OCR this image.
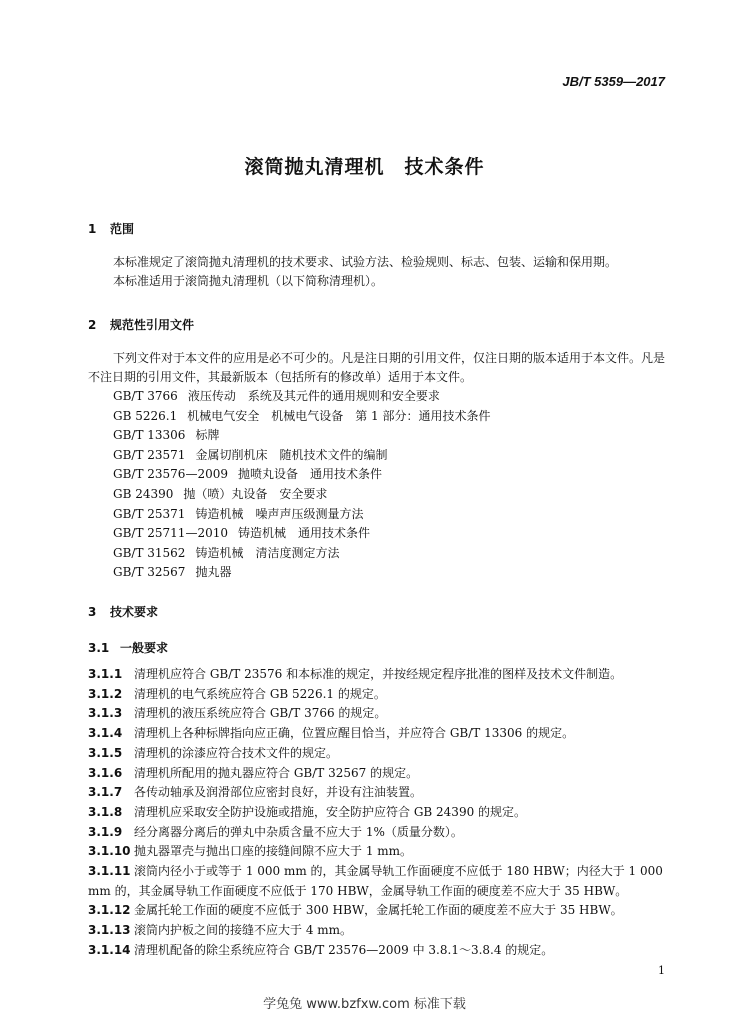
JB/T 5359—2017
滚筒抛丸清理机　技术条件
1 范围
本标准规定了滚筒抛丸清理机的技术要求、试验方法、检验规则、标志、包装、运输和保用期。
本标准适用于滚筒抛丸清理机（以下简称清理机）。
2 规范性引用文件
下列文件对于本文件的应用是必不可少的。凡是注日期的引用文件，仅注日期的版本适用于本文件。凡是不注日期的引用文件，其最新版本（包括所有的修改单）适用于本文件。
GB/T 3766 液压传动　系统及其元件的通用规则和安全要求
GB 5226.1 机械电气安全　机械电气设备　第 1 部分：通用技术条件
GB/T 13306 标牌
GB/T 23571 金属切削机床　随机技术文件的编制
GB/T 23576—2009 抛喷丸设备　通用技术条件
GB 24390 抛（喷）丸设备　安全要求
GB/T 25371 铸造机械　噪声声压级测量方法
GB/T 25711—2010 铸造机械　通用技术条件
GB/T 31562 铸造机械　清洁度测定方法
GB/T 32567 抛丸器
3 技术要求
3.1 一般要求
3.1.1 清理机应符合 GB/T 23576 和本标准的规定，并按经规定程序批准的图样及技术文件制造。
3.1.2 清理机的电气系统应符合 GB 5226.1 的规定。
3.1.3 清理机的液压系统应符合 GB/T 3766 的规定。
3.1.4 清理机上各种标牌指向应正确，位置应醒目恰当，并应符合 GB/T 13306 的规定。
3.1.5 清理机的涂漆应符合技术文件的规定。
3.1.6 清理机所配用的抛丸器应符合 GB/T 32567 的规定。
3.1.7 各传动轴承及润滑部位应密封良好，并设有注油装置。
3.1.8 清理机应采取安全防护设施或措施，安全防护应符合 GB 24390 的规定。
3.1.9 经分离器分离后的弹丸中杂质含量不应大于 1%（质量分数）。
3.1.10 抛丸器罩壳与抛出口座的接缝间隙不应大于 1 mm。
3.1.11 滚筒内径小于或等于 1 000 mm 的，其金属导轨工作面硬度不应低于 180 HBW；内径大于 1 000 mm 的，其金属导轨工作面硬度不应低于 170 HBW，金属导轨工作面的硬度差不应大于 35 HBW。
3.1.12 金属托轮工作面的硬度不应低于 300 HBW，金属托轮工作面的硬度差不应大于 35 HBW。
3.1.13 滚筒内护板之间的接缝不应大于 4 mm。
3.1.14 清理机配备的除尘系统应符合 GB/T 23576—2009 中 3.8.1～3.8.4 的规定。
1
学兔兔 www.bzfxw.com 标准下载
